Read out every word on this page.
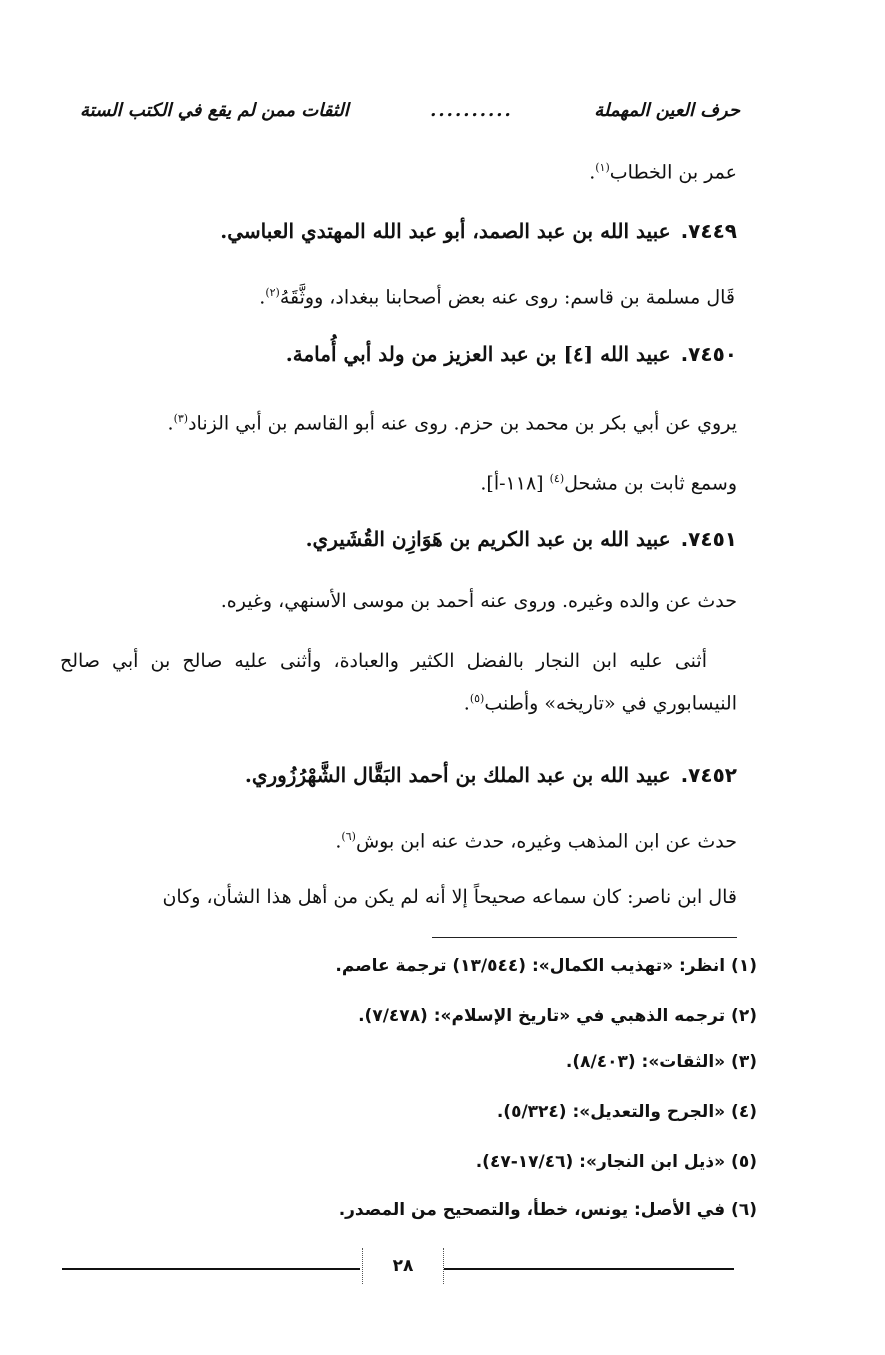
حرف العين المهملة
..........
الثقات ممن لم يقع في الكتب الستة
عمر بن الخطاب$^{(١)}$.
٧٤٤٩.عبيد الله بن عبد الصمد، أبو عبد الله المهتدي العباسي.
قَال مسلمة بن قاسم: روى عنه بعض أصحابنا ببغداد، ووثَّقَهُ$^{(٢)}$.
٧٤٥٠.عبيد الله [٤] بن عبد العزيز من ولد أبي أُمامة.
يروي عن أبي بكر بن محمد بن حزم. روى عنه أبو القاسم بن أبي الزناد$^{(٣)}$.
وسمع ثابت بن مشحل$^{(٤)}$ [١١٨-أ].
٧٤٥١.عبيد الله بن عبد الكريم بن هَوَازِن القُشَيري.
حدث عن والده وغيره. وروى عنه أحمد بن موسى الأسنهي، وغيره.
أثنى عليه ابن النجار بالفضل الكثير والعبادة، وأثنى عليه صالح بن أبي صالح النيسابوري في «تاريخه» وأطنب$^{(٥)}$.
٧٤٥٢.عبيد الله بن عبد الملك بن أحمد البَقَّال الشَّهْرُزُوري.
حدث عن ابن المذهب وغيره، حدث عنه ابن بوش$^{(٦)}$.
قال ابن ناصر: كان سماعه صحيحاً إلا أنه لم يكن من أهل هذا الشأن، وكان
(١) انظر: «تهذيب الكمال»: (١٣/٥٤٤) ترجمة عاصم.
(٢) ترجمه الذهبي في «تاريخ الإسلام»: (٧/٤٧٨).
(٣) «الثقات»: (٨/٤٠٣).
(٤) «الجرح والتعديل»: (٥/٣٢٤).
(٥) «ذيل ابن النجار»: (١٧/٤٦-٤٧).
(٦) في الأصل: يونس، خطأ، والتصحيح من المصدر.
٢٨
